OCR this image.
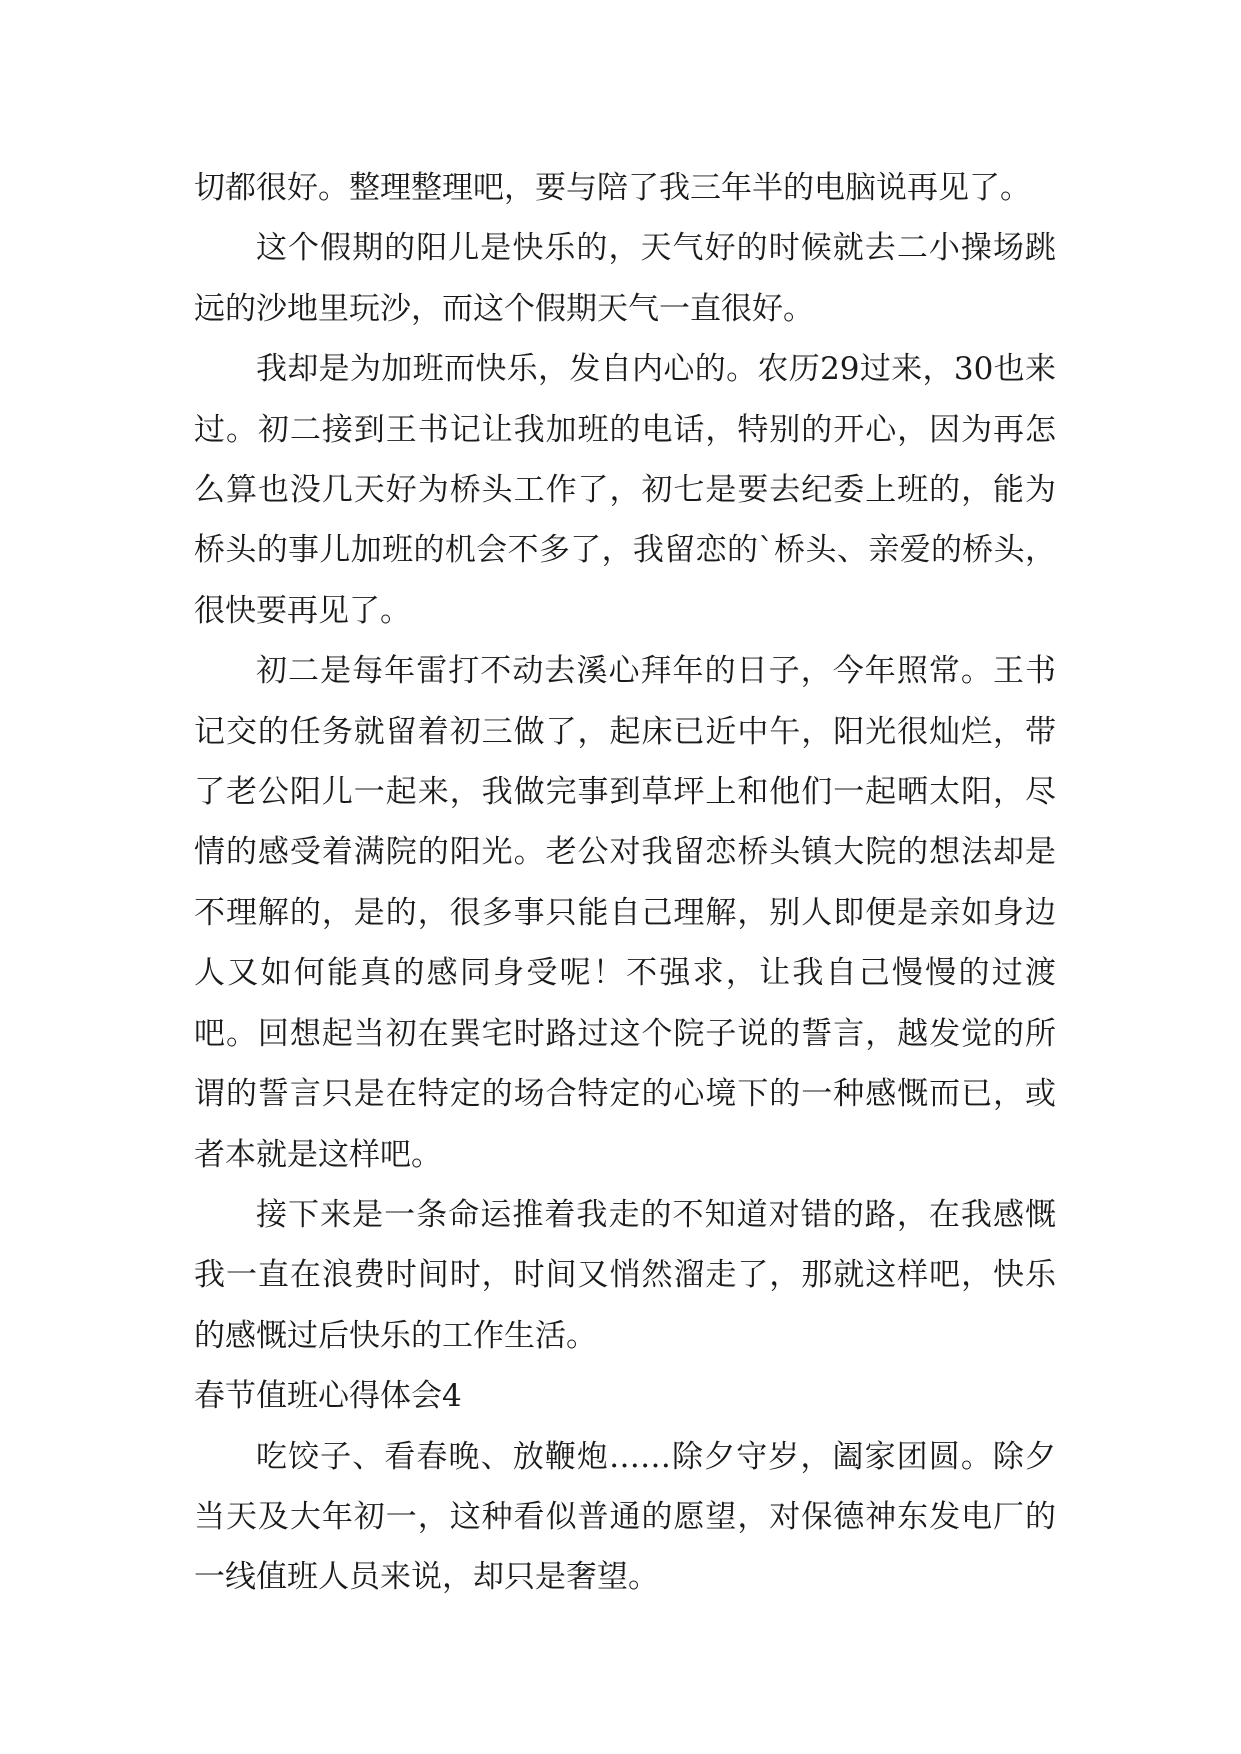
切都很好。整理整理吧，要与陪了我三年半的电脑说再见了。

这个假期的阳儿是快乐的，天气好的时候就去二小操场跳远的沙地里玩沙，而这个假期天气一直很好。

我却是为加班而快乐，发自内心的。农历29过来，30也来过。初二接到王书记让我加班的电话，特别的开心，因为再怎么算也没几天好为桥头工作了，初七是要去纪委上班的，能为桥头的事儿加班的机会不多了，我留恋的`桥头、亲爱的桥头，很快要再见了。

初二是每年雷打不动去溪心拜年的日子，今年照常。王书记交的任务就留着初三做了，起床已近中午，阳光很灿烂，带了老公阳儿一起来，我做完事到草坪上和他们一起晒太阳，尽情的感受着满院的阳光。老公对我留恋桥头镇大院的想法却是不理解的，是的，很多事只能自己理解，别人即便是亲如身边人又如何能真的感同身受呢！不强求，让我自己慢慢的过渡吧。回想起当初在巽宅时路过这个院子说的誓言，越发觉的所谓的誓言只是在特定的场合特定的心境下的一种感慨而已，或者本就是这样吧。

接下来是一条命运推着我走的不知道对错的路，在我感慨我一直在浪费时间时，时间又悄然溜走了，那就这样吧，快乐的感慨过后快乐的工作生活。

春节值班心得体会4

吃饺子、看春晚、放鞭炮……除夕守岁，阖家团圆。除夕当天及大年初一，这种看似普通的愿望，对保德神东发电厂的一线值班人员来说，却只是奢望。
